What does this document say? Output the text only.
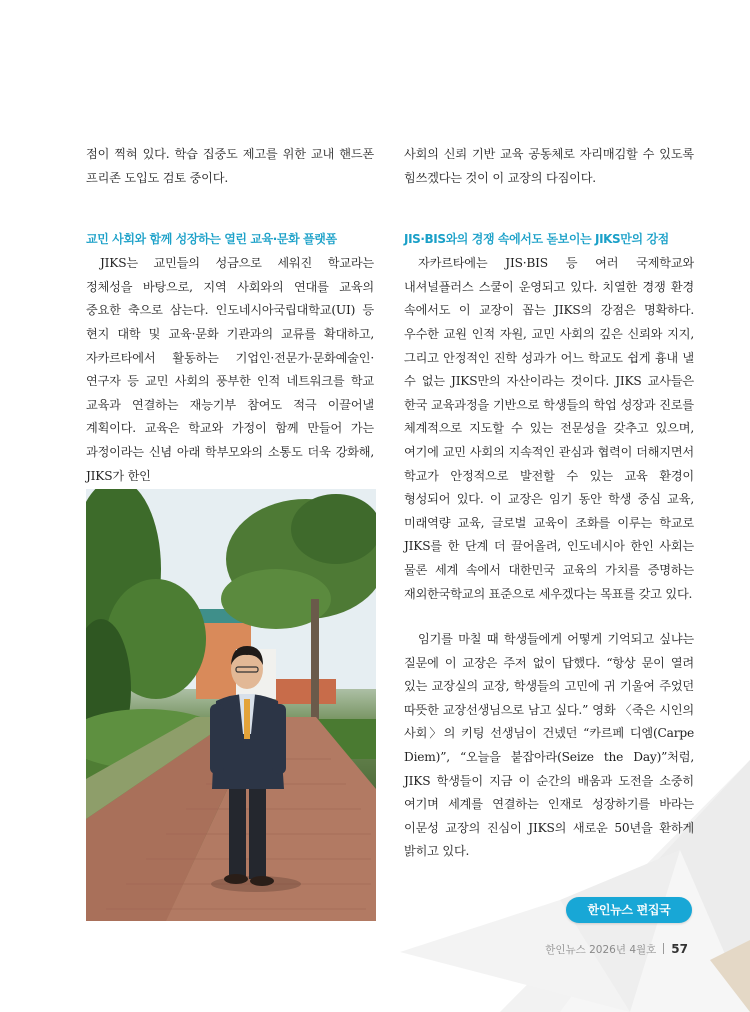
점이 찍혀 있다. 학습 집중도 제고를 위한 교내 핸드폰 프리존 도입도 검토 중이다.

교민 사회와 함께 성장하는 열린 교육·문화 플랫폼

JIKS는 교민들의 성금으로 세워진 학교라는 정체성을 바탕으로, 지역 사회와의 연대를 교육의 중요한 축으로 삼는다. 인도네시아국립대학교(UI) 등 현지 대학 및 교육·문화 기관과의 교류를 확대하고, 자카르타에서 활동하는 기업인·전문가·문화예술인·연구자 등 교민 사회의 풍부한 인적 네트워크를 학교 교육과 연결하는 재능기부 참여도 적극 이끌어낼 계획이다. 교육은 학교와 가정이 함께 만들어 가는 과정이라는 신념 아래 학부모와의 소통도 더욱 강화해, JIKS가 한인

사회의 신뢰 기반 교육 공동체로 자리매김할 수 있도록 힘쓰겠다는 것이 이 교장의 다짐이다.

JIS·BIS와의 경쟁 속에서도 돋보이는 JIKS만의 강점

자카르타에는 JIS·BIS 등 여러 국제학교와 내셔널플러스 스쿨이 운영되고 있다. 치열한 경쟁 환경 속에서도 이 교장이 꼽는 JIKS의 강점은 명확하다. 우수한 교원 인적 자원, 교민 사회의 깊은 신뢰와 지지, 그리고 안정적인 진학 성과가 어느 학교도 쉽게 흉내 낼 수 없는 JIKS만의 자산이라는 것이다. JIKS 교사들은 한국 교육과정을 기반으로 학생들의 학업 성장과 진로를 체계적으로 지도할 수 있는 전문성을 갖추고 있으며, 여기에 교민 사회의 지속적인 관심과 협력이 더해지면서 학교가 안정적으로 발전할 수 있는 교육 환경이 형성되어 있다. 이 교장은 임기 동안 학생 중심 교육, 미래역량 교육, 글로벌 교육이 조화를 이루는 학교로 JIKS를 한 단계 더 끌어올려, 인도네시아 한인 사회는 물론 세계 속에서 대한민국 교육의 가치를 증명하는 재외한국학교의 표준으로 세우겠다는 목표를 갖고 있다.

임기를 마칠 때 학생들에게 어떻게 기억되고 싶냐는 질문에 이 교장은 주저 없이 답했다. “항상 문이 열려 있는 교장실의 교장, 학생들의 고민에 귀 기울여 주었던 따뜻한 교장선생님으로 남고 싶다.” 영화 〈죽은 시인의 사회〉의 키팅 선생님이 건넸던 “카르페 디엠(Carpe Diem)”, “오늘을 붙잡아라(Seize the Day)”처럼, JIKS 학생들이 지금 이 순간의 배움과 도전을 소중히 여기며 세계를 연결하는 인재로 성장하기를 바라는 이문성 교장의 진심이 JIKS의 새로운 50년을 환하게 밝히고 있다.

한인뉴스 편집국
한인뉴스 2026년 4월호 57
